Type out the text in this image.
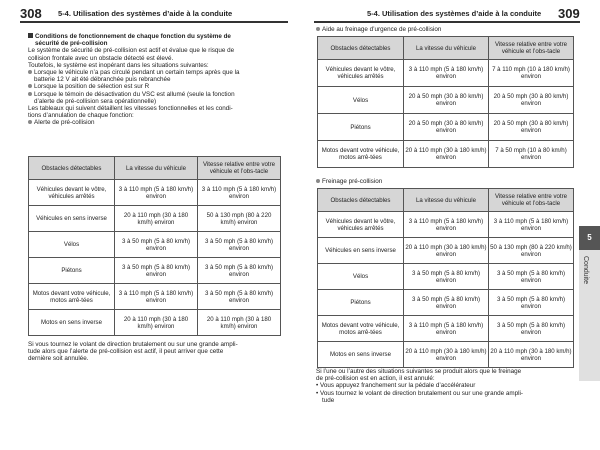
308 5-4. Utilisation des systèmes d’aide à la conduite	5-4. Utilisation des systèmes d’aide à la conduite 309

Conditions de fonctionnement de chaque fonction du système de

sécurité de pré-collision

Le système de sécurité de pré-collision est actif et évalue que le risque de

collision frontale avec un obstacle détecté est élevé.

Toutefois, le système est inopérant dans les situations suivantes:

Lorsque le véhicule n’a pas circulé pendant un certain temps après que la

batterie 12 V ait été débranchée puis rebranchée

Lorsque la position de sélection est sur R

Lorsque le témoin de désactivation du VSC est allumé (seule la fonction

d’alerte de pré-collision sera opérationnelle)

Les tableaux qui suivent détaillent les vitesses fonctionnelles et les condi-

tions d’annulation de chaque fonction:

Alerte de pré-collision

Obstacles détectables	La vitesse du véhicule	Vitesse relative entre votre véhicule et l’obs-tacle
Véhicules devant le vôtre, véhicules arrêtés	3 à 110 mph (5 à 180 km/h) environ	3 à 110 mph (5 à 180 km/h) environ
Véhicules en sens inverse	20 à 110 mph (30 à 180 km/h) environ	50 à 130 mph (80 à 220 km/h) environ
Vélos	3 à 50 mph (5 à 80 km/h) environ	3 à 50 mph (5 à 80 km/h) environ
Piétons	3 à 50 mph (5 à 80 km/h) environ	3 à 50 mph (5 à 80 km/h) environ
Motos devant votre véhicule, motos arrê-tées	3 à 110 mph (5 à 180 km/h) environ	3 à 50 mph (5 à 80 km/h) environ
Motos en sens inverse	20 à 110 mph (30 à 180 km/h) environ	20 à 110 mph (30 à 180 km/h) environ

Si vous tournez le volant de direction brutalement ou sur une grande ampli-

tude alors que l’alerte de pré-collision est actif, il peut arriver que cette

dernière soit annulée.

Aide au freinage d’urgence de pré-collision

Obstacles détectables	La vitesse du véhicule	Vitesse relative entre votre véhicule et l’obs-tacle
Véhicules devant le vôtre, véhicules arrêtés	3 à 110 mph (5 à 180 km/h) environ	7 à 110 mph (10 à 180 km/h) environ
Vélos	20 à 50 mph (30 à 80 km/h) environ	20 à 50 mph (30 à 80 km/h) environ
Piétons	20 à 50 mph (30 à 80 km/h) environ	20 à 50 mph (30 à 80 km/h) environ
Motos devant votre véhicule, motos arrê-tées	20 à 110 mph (30 à 180 km/h) environ	7 à 50 mph (10 à 80 km/h) environ

Freinage pré-collision

Obstacles détectables	La vitesse du véhicule	Vitesse relative entre votre véhicule et l’obs-tacle
Véhicules devant le vôtre, véhicules arrêtés	3 à 110 mph (5 à 180 km/h) environ	3 à 110 mph (5 à 180 km/h) environ
Véhicules en sens inverse	20 à 110 mph (30 à 180 km/h) environ	50 à 130 mph (80 à 220 km/h) environ
Vélos	3 à 50 mph (5 à 80 km/h) environ	3 à 50 mph (5 à 80 km/h) environ
Piétons	3 à 50 mph (5 à 80 km/h) environ	3 à 50 mph (5 à 80 km/h) environ
Motos devant votre véhicule, motos arrê-tées	3 à 110 mph (5 à 180 km/h) environ	3 à 50 mph (5 à 80 km/h) environ
Motos en sens inverse	20 à 110 mph (30 à 180 km/h) environ	20 à 110 mph (30 à 180 km/h) environ

Si l’une ou l’autre des situations suivantes se produit alors que le freinage

de pré-collision est en action, il est annulé:

• Vous appuyez franchement sur la pédale d’accélérateur

• Vous tournez le volant de direction brutalement ou sur une grande ampli-

tude

5
Conduite
